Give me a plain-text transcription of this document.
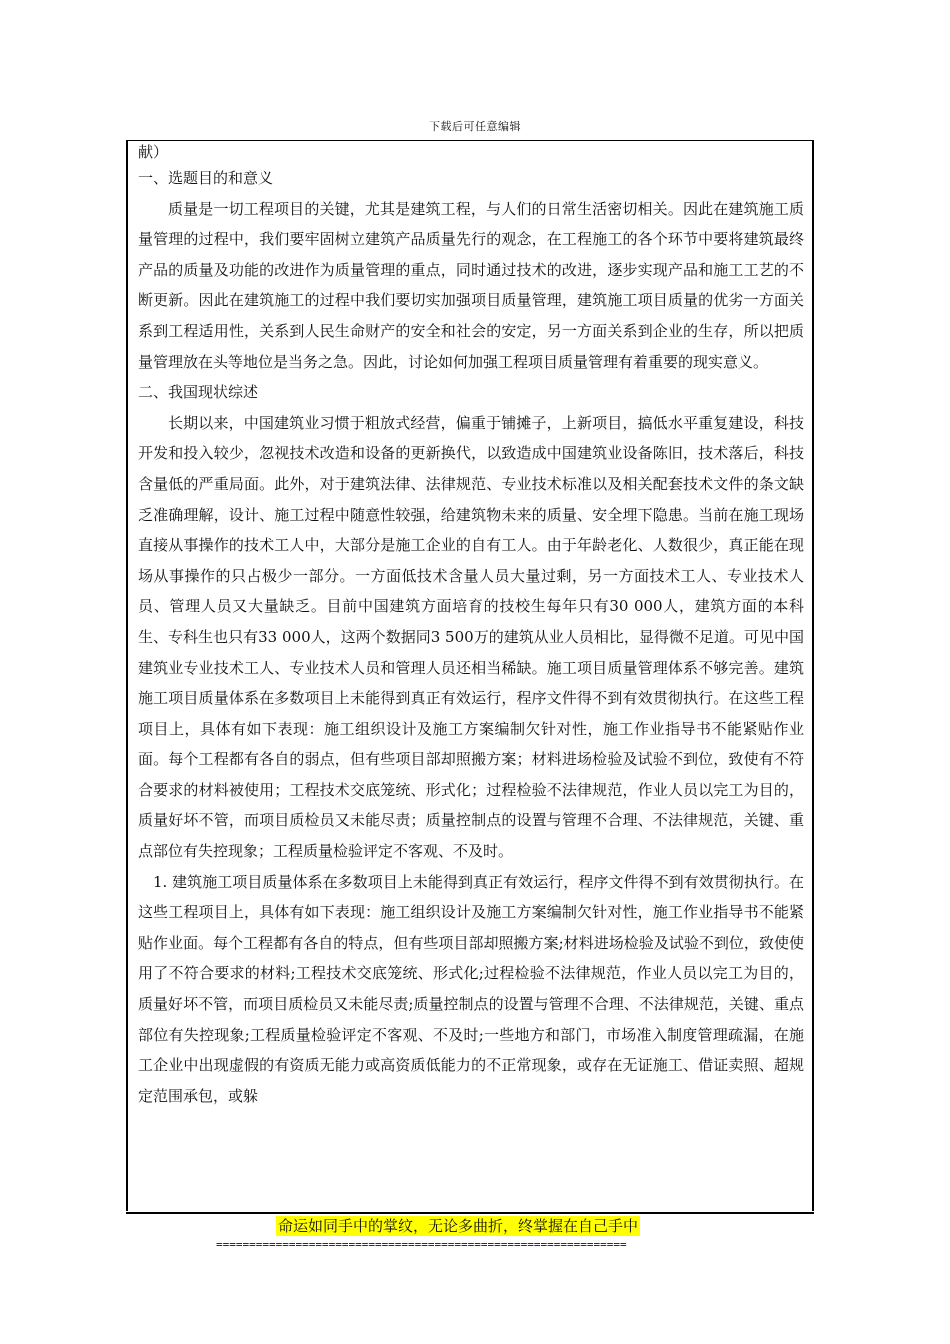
下载后可任意编辑

献）

一、选题目的和意义

质量是一切工程项目的关键，尤其是建筑工程，与人们的日常生活密切相关。因此在建筑施工质量管理的过程中，我们要牢固树立建筑产品质量先行的观念，在工程施工的各个环节中要将建筑最终产品的质量及功能的改进作为质量管理的重点，同时通过技术的改进，逐步实现产品和施工工艺的不断更新。因此在建筑施工的过程中我们要切实加强项目质量管理，建筑施工项目质量的优劣一方面关系到工程适用性，关系到人民生命财产的安全和社会的安定，另一方面关系到企业的生存，所以把质量管理放在头等地位是当务之急。因此，讨论如何加强工程项目质量管理有着重要的现实意义。

二、我国现状综述

长期以来，中国建筑业习惯于粗放式经营，偏重于铺摊子，上新项目，搞低水平重复建设，科技开发和投入较少，忽视技术改造和设备的更新换代，以致造成中国建筑业设备陈旧，技术落后，科技含量低的严重局面。此外，对于建筑法律、法律规范、专业技术标准以及相关配套技术文件的条文缺乏准确理解，设计、施工过程中随意性较强，给建筑物未来的质量、安全埋下隐患。当前在施工现场直接从事操作的技术工人中，大部分是施工企业的自有工人。由于年龄老化、人数很少，真正能在现场从事操作的只占极少一部分。一方面低技术含量人员大量过剩，另一方面技术工人、专业技术人员、管理人员又大量缺乏。目前中国建筑方面培育的技校生每年只有30 000人，建筑方面的本科生、专科生也只有33 000人，这两个数据同3 500万的建筑从业人员相比，显得微不足道。可见中国建筑业专业技术工人、专业技术人员和管理人员还相当稀缺。施工项目质量管理体系不够完善。建筑施工项目质量体系在多数项目上未能得到真正有效运行，程序文件得不到有效贯彻执行。在这些工程项目上，具体有如下表现：施工组织设计及施工方案编制欠针对性，施工作业指导书不能紧贴作业面。每个工程都有各自的弱点，但有些项目部却照搬方案；材料进场检验及试验不到位，致使有不符合要求的材料被使用；工程技术交底笼统、形式化；过程检验不法律规范，作业人员以完工为目的，质量好坏不管，而项目质检员又未能尽责；质量控制点的设置与管理不合理、不法律规范，关键、重点部位有失控现象；工程质量检验评定不客观、不及时。

1. 建筑施工项目质量体系在多数项目上未能得到真正有效运行，程序文件得不到有效贯彻执行。在这些工程项目上，具体有如下表现：施工组织设计及施工方案编制欠针对性，施工作业指导书不能紧贴作业面。每个工程都有各自的特点，但有些项目部却照搬方案;材料进场检验及试验不到位，致使使用了不符合要求的材料;工程技术交底笼统、形式化;过程检验不法律规范，作业人员以完工为目的，质量好坏不管，而项目质检员又未能尽责;质量控制点的设置与管理不合理、不法律规范，关键、重点部位有失控现象;工程质量检验评定不客观、不及时;一些地方和部门，市场准入制度管理疏漏，在施工企业中出现虚假的有资质无能力或高资质低能力的不正常现象，或存在无证施工、借证卖照、超规定范围承包，或躲

命运如同手中的掌纹，无论多曲折，终掌握在自己手中
==============================================================
